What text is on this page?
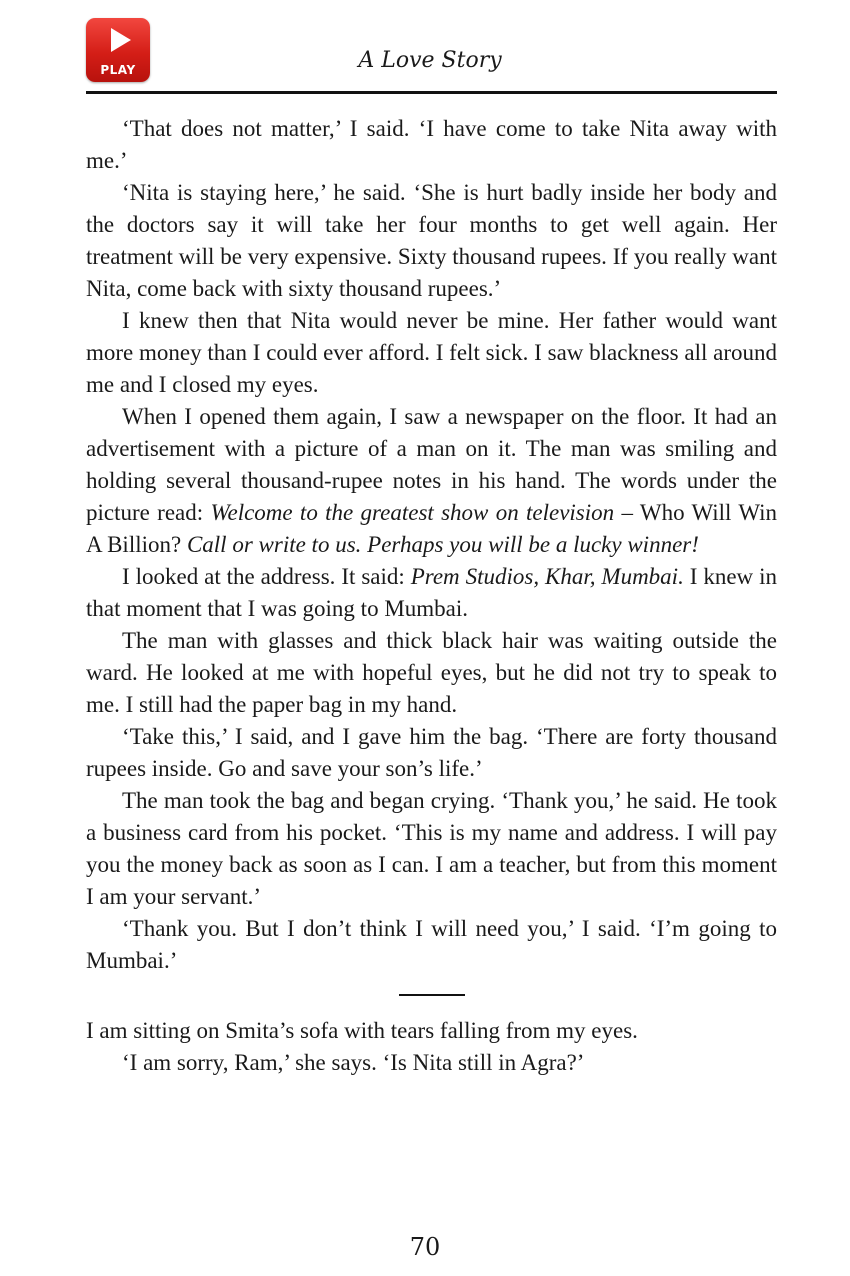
PLAY	A Love Story

‘That does not matter,’ I said. ‘I have come to take Nita away with me.’

‘Nita is staying here,’ he said. ‘She is hurt badly inside her body and the doctors say it will take her four months to get well again. Her treatment will be very expensive. Sixty thousand rupees. If you really want Nita, come back with sixty thousand rupees.’

I knew then that Nita would never be mine. Her father would want more money than I could ever afford. I felt sick. I saw blackness all around me and I closed my eyes.

When I opened them again, I saw a newspaper on the floor. It had an advertisement with a picture of a man on it. The man was smiling and holding several thousand-rupee notes in his hand. The words under the picture read: Welcome to the greatest show on television – Who Will Win A Billion? Call or write to us. Perhaps you will be a lucky winner!

I looked at the address. It said: Prem Studios, Khar, Mumbai. I knew in that moment that I was going to Mumbai.

The man with glasses and thick black hair was waiting outside the ward. He looked at me with hopeful eyes, but he did not try to speak to me. I still had the paper bag in my hand.

‘Take this,’ I said, and I gave him the bag. ‘There are forty thousand rupees inside. Go and save your son’s life.’

The man took the bag and began crying. ‘Thank you,’ he said. He took a business card from his pocket. ‘This is my name and address. I will pay you the money back as soon as I can. I am a teacher, but from this moment I am your servant.’

‘Thank you. But I don’t think I will need you,’ I said. ‘I’m going to Mumbai.’

I am sitting on Smita’s sofa with tears falling from my eyes.

‘I am sorry, Ram,’ she says. ‘Is Nita still in Agra?’

70
